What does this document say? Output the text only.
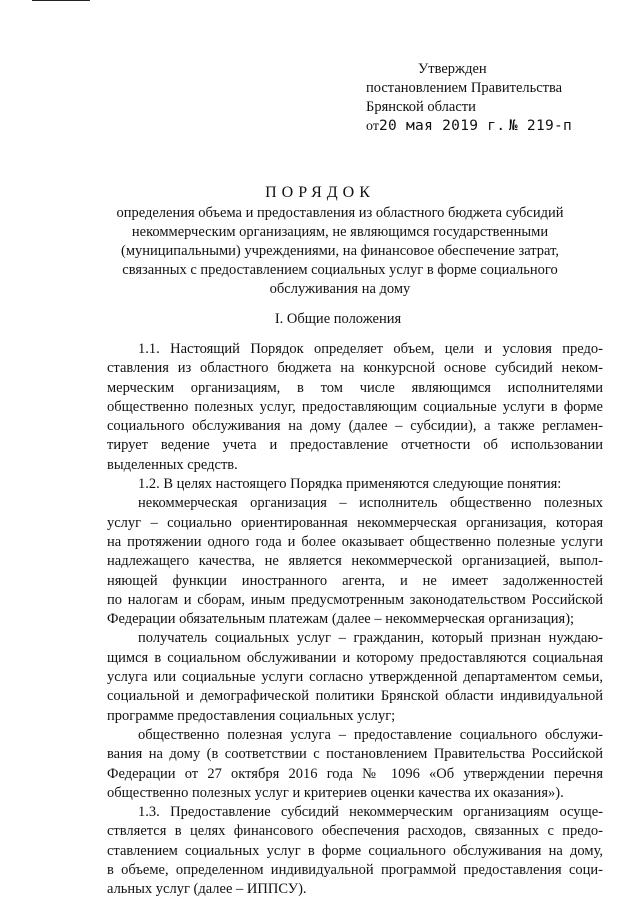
Утвержден
постановлением Правительства
Брянской области
от20 мая 2019 г. № 219-п
ПОРЯДОК
определения объема и предоставления из областного бюджета субсидий
некоммерческим организациям, не являющимся государственными
(муниципальными) учреждениями, на финансовое обеспечение затрат,
связанных с предоставлением социальных услуг в форме социального
обслуживания на дому
I. Общие положения

1.1. Настоящий Порядок определяет объем, цели и условия предо-

ставления из областного бюджета на конкурсной основе субсидий неком-

мерческим организациям, в том числе являющимся исполнителями

общественно полезных услуг, предоставляющим социальные услуги в форме

социального обслуживания на дому (далее – субсидии), а также регламен-

тирует ведение учета и предоставление отчетности об использовании

выделенных средств.

1.2. В целях настоящего Порядка применяются следующие понятия:

некоммерческая организация – исполнитель общественно полезных

услуг – социально ориентированная некоммерческая организация, которая

на протяжении одного года и более оказывает общественно полезные услуги

надлежащего качества, не является некоммерческой организацией, выпол-

няющей функции иностранного агента, и не имеет задолженностей

по налогам и сборам, иным предусмотренным законодательством Российской

Федерации обязательным платежам (далее – некоммерческая организация);

получатель социальных услуг – гражданин, который признан нуждаю-

щимся в социальном обслуживании и которому предоставляются социальная

услуга или социальные услуги согласно утвержденной департаментом семьи,

социальной и демографической политики Брянской области индивидуальной

программе предоставления социальных услуг;

общественно полезная услуга – предоставление социального обслужи-

вания на дому (в соответствии с постановлением Правительства Российской

Федерации от 27 октября 2016 года № 1096 «Об утверждении перечня

общественно полезных услуг и критериев оценки качества их оказания»).

1.3. Предоставление субсидий некоммерческим организациям осуще-

ствляется в целях финансового обеспечения расходов, связанных с предо-

ставлением социальных услуг в форме социального обслуживания на дому,

в объеме, определенном индивидуальной программой предоставления соци-

альных услуг (далее – ИППСУ).
